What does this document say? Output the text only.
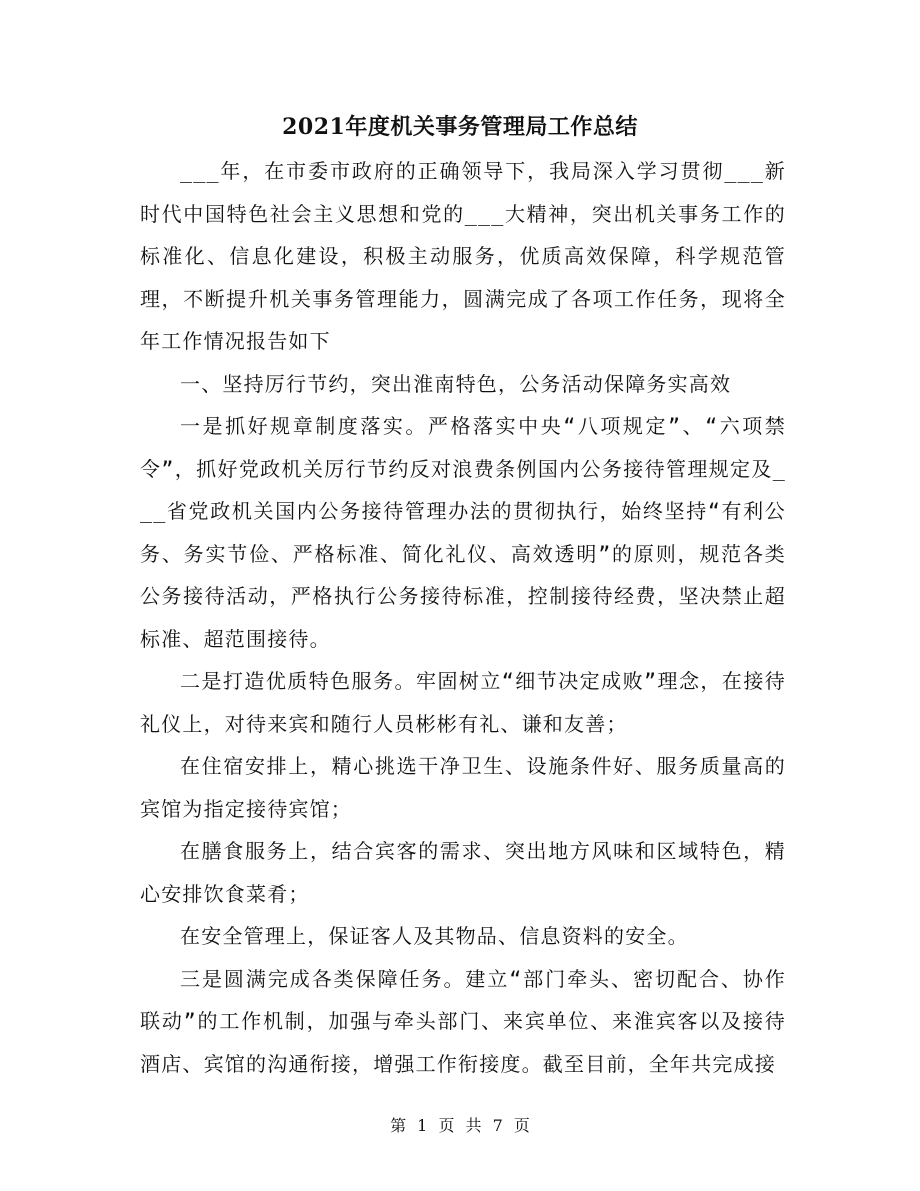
2021年度机关事务管理局工作总结

___年，在市委市政府的正确领导下，我局深入学习贯彻___新时代中国特色社会主义思想和党的___大精神，突出机关事务工作的标准化、信息化建设，积极主动服务，优质高效保障，科学规范管理，不断提升机关事务管理能力，圆满完成了各项工作任务，现将全年工作情况报告如下

一、坚持厉行节约，突出淮南特色，公务活动保障务实高效

一是抓好规章制度落实。严格落实中央“八项规定”、“六项禁令”，抓好党政机关厉行节约反对浪费条例国内公务接待管理规定及___省党政机关国内公务接待管理办法的贯彻执行，始终坚持“有利公务、务实节俭、严格标准、简化礼仪、高效透明”的原则，规范各类公务接待活动，严格执行公务接待标准，控制接待经费，坚决禁止超标准、超范围接待。

二是打造优质特色服务。牢固树立“细节决定成败”理念，在接待礼仪上，对待来宾和随行人员彬彬有礼、谦和友善；

在住宿安排上，精心挑选干净卫生、设施条件好、服务质量高的宾馆为指定接待宾馆；

在膳食服务上，结合宾客的需求、突出地方风味和区域特色，精心安排饮食菜肴；

在安全管理上，保证客人及其物品、信息资料的安全。

三是圆满完成各类保障任务。建立“部门牵头、密切配合、协作联动”的工作机制，加强与牵头部门、来宾单位、来淮宾客以及接待酒店、宾馆的沟通衔接，增强工作衔接度。截至目前，全年共完成接

第 1 页 共 7 页
